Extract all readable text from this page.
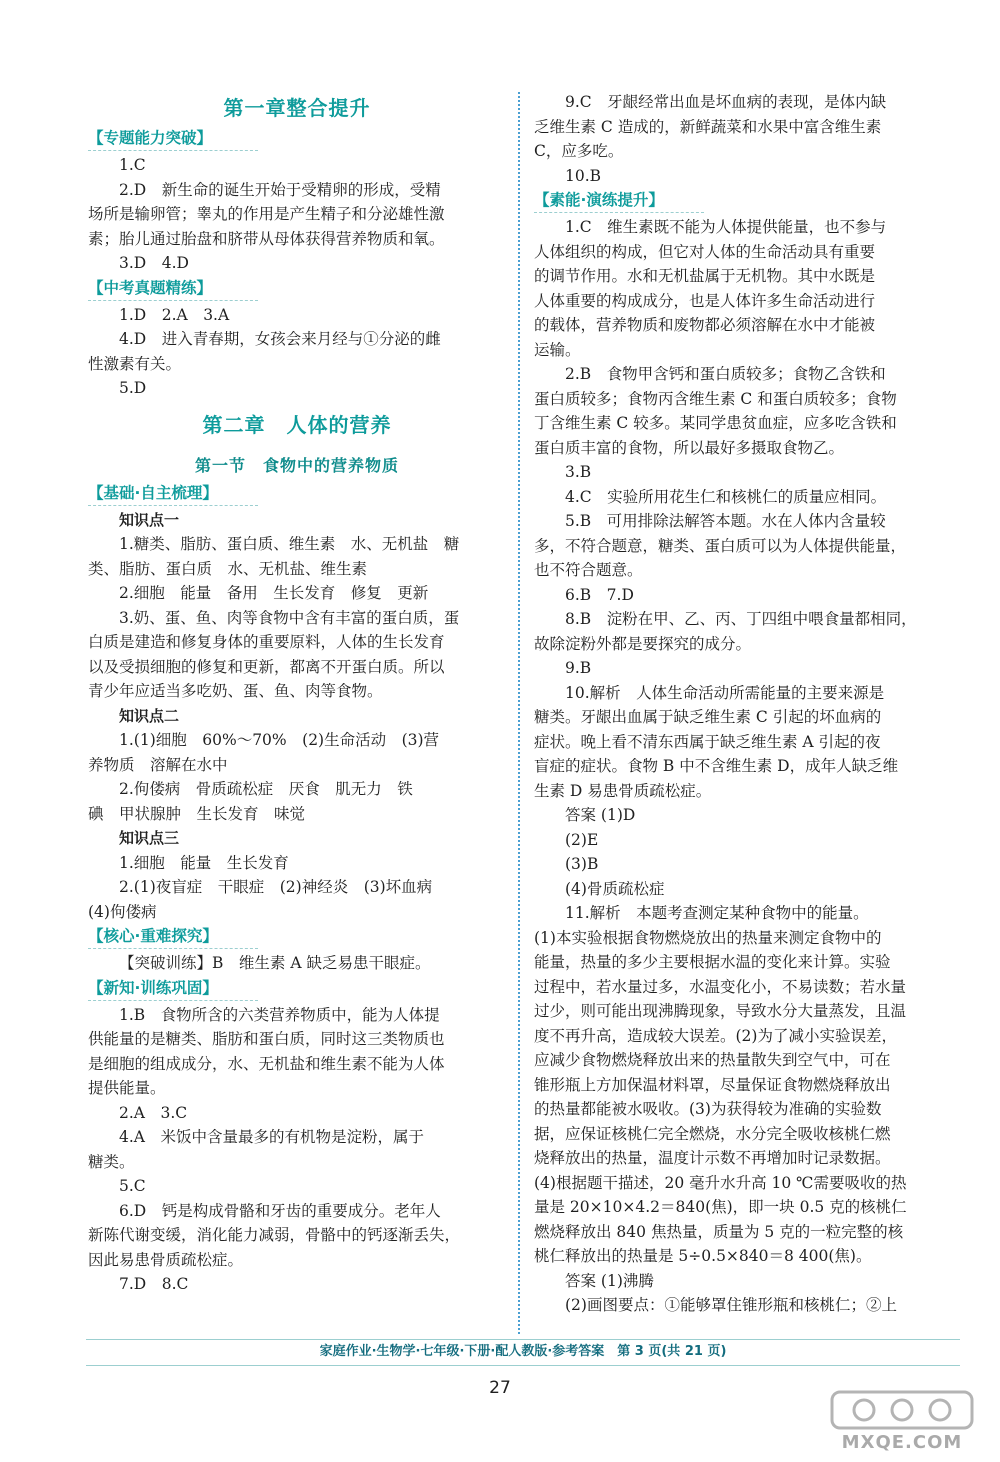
第一章整合提升
【专题能力突破】
1.C
2.D　新生命的诞生开始于受精卵的形成，受精
场所是输卵管；睾丸的作用是产生精子和分泌雄性激
素；胎儿通过胎盘和脐带从母体获得营养物质和氧。
3.D　4.D
【中考真题精练】
1.D　2.A　3.A
4.D　进入青春期，女孩会来月经与①分泌的雌
性激素有关。
5.D
第二章　人体的营养
第一节　食物中的营养物质
【基础·自主梳理】
知识点一
1.糖类、脂肪、蛋白质、维生素　水、无机盐　糖
类、脂肪、蛋白质　水、无机盐、维生素
2.细胞　能量　备用　生长发育　修复　更新
3.奶、蛋、鱼、肉等食物中含有丰富的蛋白质，蛋
白质是建造和修复身体的重要原料，人体的生长发育
以及受损细胞的修复和更新，都离不开蛋白质。所以
青少年应适当多吃奶、蛋、鱼、肉等食物。
知识点二
1.(1)细胞　60%～70%　(2)生命活动　(3)营
养物质　溶解在水中
2.佝偻病　骨质疏松症　厌食　肌无力　铁
碘　甲状腺肿　生长发育　味觉
知识点三
1.细胞　能量　生长发育
2.(1)夜盲症　干眼症　(2)神经炎　(3)坏血病
(4)佝偻病
【核心·重难探究】
【突破训练】B　维生素 A 缺乏易患干眼症。
【新知·训练巩固】
1.B　食物所含的六类营养物质中，能为人体提
供能量的是糖类、脂肪和蛋白质，同时这三类物质也
是细胞的组成成分，水、无机盐和维生素不能为人体
提供能量。
2.A　3.C
4.A　米饭中含量最多的有机物是淀粉，属于
糖类。
5.C
6.D　钙是构成骨骼和牙齿的重要成分。老年人
新陈代谢变缓，消化能力减弱，骨骼中的钙逐渐丢失，
因此易患骨质疏松症。
7.D　8.C
9.C　牙龈经常出血是坏血病的表现，是体内缺
乏维生素 C 造成的，新鲜蔬菜和水果中富含维生素
C，应多吃。
10.B
【素能·演练提升】
1.C　维生素既不能为人体提供能量，也不参与
人体组织的构成，但它对人体的生命活动具有重要
的调节作用。水和无机盐属于无机物。其中水既是
人体重要的构成成分，也是人体许多生命活动进行
的载体，营养物质和废物都必须溶解在水中才能被
运输。
2.B　食物甲含钙和蛋白质较多；食物乙含铁和
蛋白质较多；食物丙含维生素 C 和蛋白质较多；食物
丁含维生素 C 较多。某同学患贫血症，应多吃含铁和
蛋白质丰富的食物，所以最好多摄取食物乙。
3.B
4.C　实验所用花生仁和核桃仁的质量应相同。
5.B　可用排除法解答本题。水在人体内含量较
多，不符合题意，糖类、蛋白质可以为人体提供能量，
也不符合题意。
6.B　7.D
8.B　淀粉在甲、乙、丙、丁四组中喂食量都相同，
故除淀粉外都是要探究的成分。
9.B
10.解析　人体生命活动所需能量的主要来源是
糖类。牙龈出血属于缺乏维生素 C 引起的坏血病的
症状。晚上看不清东西属于缺乏维生素 A 引起的夜
盲症的症状。食物 B 中不含维生素 D，成年人缺乏维
生素 D 易患骨质疏松症。
答案 (1)D
(2)E
(3)B
(4)骨质疏松症
11.解析　本题考查测定某种食物中的能量。
(1)本实验根据食物燃烧放出的热量来测定食物中的
能量，热量的多少主要根据水温的变化来计算。实验
过程中，若水量过多，水温变化小，不易读数；若水量
过少，则可能出现沸腾现象，导致水分大量蒸发，且温
度不再升高，造成较大误差。(2)为了减小实验误差，
应减少食物燃烧释放出来的热量散失到空气中，可在
锥形瓶上方加保温材料罩，尽量保证食物燃烧释放出
的热量都能被水吸收。(3)为获得较为准确的实验数
据，应保证核桃仁完全燃烧，水分完全吸收核桃仁燃
烧释放出的热量，温度计示数不再增加时记录数据。
(4)根据题干描述，20 毫升水升高 10 ℃需要吸收的热
量是 20×10×4.2＝840(焦)，即一块 0.5 克的核桃仁
燃烧释放出 840 焦热量，质量为 5 克的一粒完整的核
桃仁释放出的热量是 5÷0.5×840＝8 400(焦)。
答案 (1)沸腾
(2)画图要点：①能够罩住锥形瓶和核桃仁；②上
家庭作业·生物学·七年级·下册·配人教版·参考答案　第 3 页(共 21 页)
27
MXQE.COM
